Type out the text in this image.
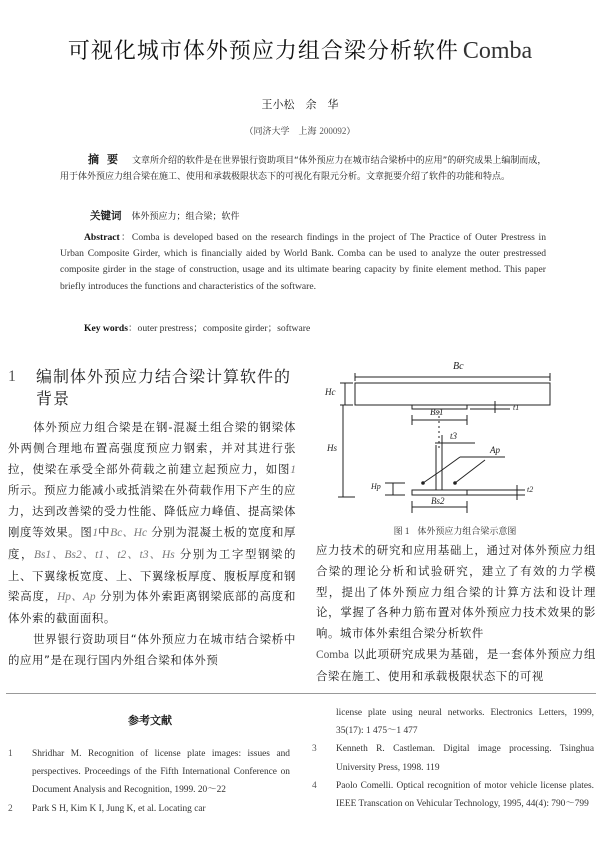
可视化城市体外预应力组合梁分析软件 Comba
王小松　余　华
（同济大学　上海 200092）
摘要 文章所介绍的软件是在世界银行资助项目“体外预应力在城市结合梁桥中的应用”的研究成果上编制而成，用于体外预应力组合梁在施工、使用和承载极限状态下的可视化有限元分析。文章扼要介绍了软件的功能和特点。
关键词 体外预应力；组合梁；软件
Abstract：Comba is developed based on the research findings in the project of The Practice of Outer Prestress in Urban Composite Girder, which is financially aided by World Bank. Comba can be used to analyze the outer prestressed composite girder in the stage of construction, usage and its ultimate bearing capacity by finite element method. This paper briefly introduces the functions and characteristics of the software.
Key words：outer prestress；composite girder；software
1 编制体外预应力结合梁计算软件的背景

体外预应力组合梁是在钢-混凝土组合梁的钢梁体外两侧合理地布置高强度预应力钢索，并对其进行张拉，使梁在承受全部外荷载之前建立起预应力，如图1 所示。预应力能减小或抵消梁在外荷载作用下产生的应力，达到改善梁的受力性能、降低应力峰值、提高梁体刚度等效果。图1中Bc、Hc 分别为混凝土板的宽度和厚度，Bs1、Bs2、t1、t2、t3、Hs 分别为工字型钢梁的上、下翼缘板宽度、上、下翼缘板厚度、腹板厚度和钢梁高度，Hp、Ap 分别为体外索距离钢梁底部的高度和体外索的截面面积。

世界银行资助项目“体外预应力在城市结合梁桥中的应用”是在现行国内外组合梁和体外预

Bc
Hc
Bs1	t1
t3
Hs	Ap
Hp	t2
Bs2
图 1 体外预应力组合梁示意图

应力技术的研究和应用基础上，通过对体外预应力组合梁的理论分析和试验研究，建立了有效的力学模型，提出了体外预应力组合梁的计算方法和设计理论，掌握了各种力筋布置对体外预应力技术效果的影响。城市体外索组合梁分析软件
Comba 以此项研究成果为基础，是一套体外预应力组合梁在施工、使用和承载极限状态下的可视

参考文献
1 Shridhar M. Recognition of license plate images: issues and perspectives. Proceedings of the Fifth International Conference on Document Analysis and Recognition, 1999. 20～22
2 Park S H, Kim K I, Jung K, et al. Locating car
license plate using neural networks. Electronics Letters, 1999, 35(17): 1 475～1 477
3 Kenneth R. Castleman. Digital image processing. Tsinghua University Press, 1998. 119
4 Paolo Comelli. Optical recognition of motor vehicle license plates. IEEE Transcation on Vehicular Technology, 1995, 44(4): 790～799
